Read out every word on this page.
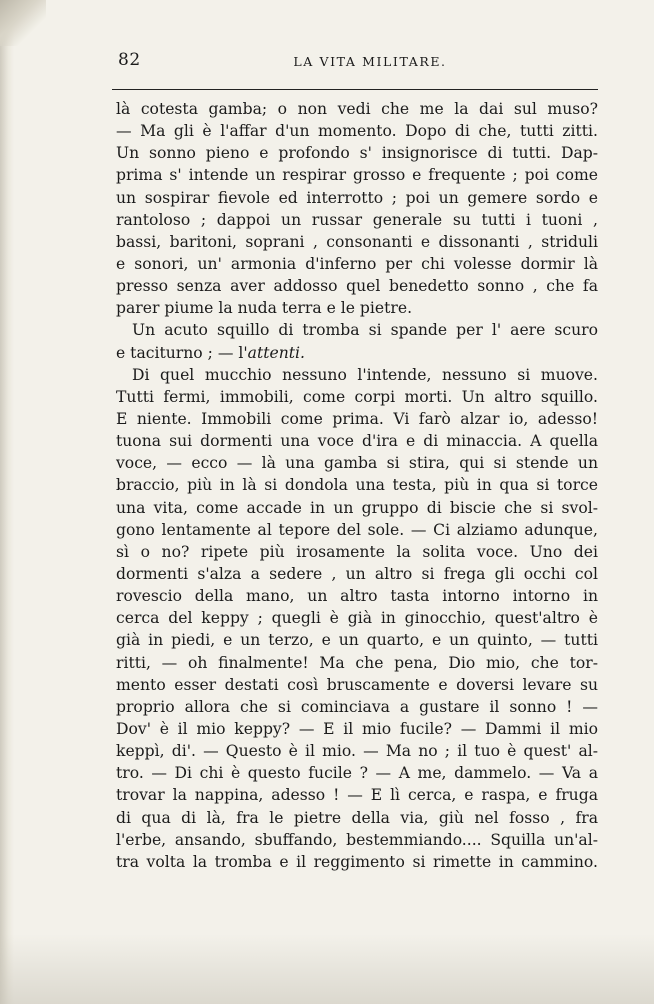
82	LA VITA MILITARE.
là cotesta gamba; o non vedi che me la dai sul muso?
— Ma gli è l'affar d'un momento. Dopo di che, tutti zitti.
Un sonno pieno e profondo s' insignorisce di tutti. Dap-
prima s' intende un respirar grosso e frequente ; poi come
un sospirar fievole ed interrotto ; poi un gemere sordo e
rantoloso ; dappoi un russar generale su tutti i tuoni ,
bassi, baritoni, soprani , consonanti e dissonanti , striduli
e sonori, un' armonia d'inferno per chi volesse dormir là
presso senza aver addosso quel benedetto sonno , che fa
parer piume la nuda terra e le pietre.
Un acuto squillo di tromba si spande per l' aere scuro
e taciturno ; — l'attenti.
Di quel mucchio nessuno l'intende, nessuno si muove.
Tutti fermi, immobili, come corpi morti. Un altro squillo.
E niente. Immobili come prima. Vi farò alzar io, adesso!
tuona sui dormenti una voce d'ira e di minaccia. A quella
voce, — ecco — là una gamba si stira, qui si stende un
braccio, più in là si dondola una testa, più in qua si torce
una vita, come accade in un gruppo di biscie che si svol-
gono lentamente al tepore del sole. — Ci alziamo adunque,
sì o no? ripete più irosamente la solita voce. Uno dei
dormenti s'alza a sedere , un altro si frega gli occhi col
rovescio della mano, un altro tasta intorno intorno in
cerca del keppy ; quegli è già in ginocchio, quest'altro è
già in piedi, e un terzo, e un quarto, e un quinto, — tutti
ritti, — oh finalmente! Ma che pena, Dio mio, che tor-
mento esser destati così bruscamente e doversi levare su
proprio allora che si cominciava a gustare il sonno ! —
Dov' è il mio keppy? — E il mio fucile? — Dammi il mio
keppì, di'. — Questo è il mio. — Ma no ; il tuo è quest' al-
tro. — Di chi è questo fucile ? — A me, dammelo. — Va a
trovar la nappina, adesso ! — E lì cerca, e raspa, e fruga
di qua di là, fra le pietre della via, giù nel fosso , fra
l'erbe, ansando, sbuffando, bestemmiando.... Squilla un'al-
tra volta la tromba e il reggimento si rimette in cammino.
